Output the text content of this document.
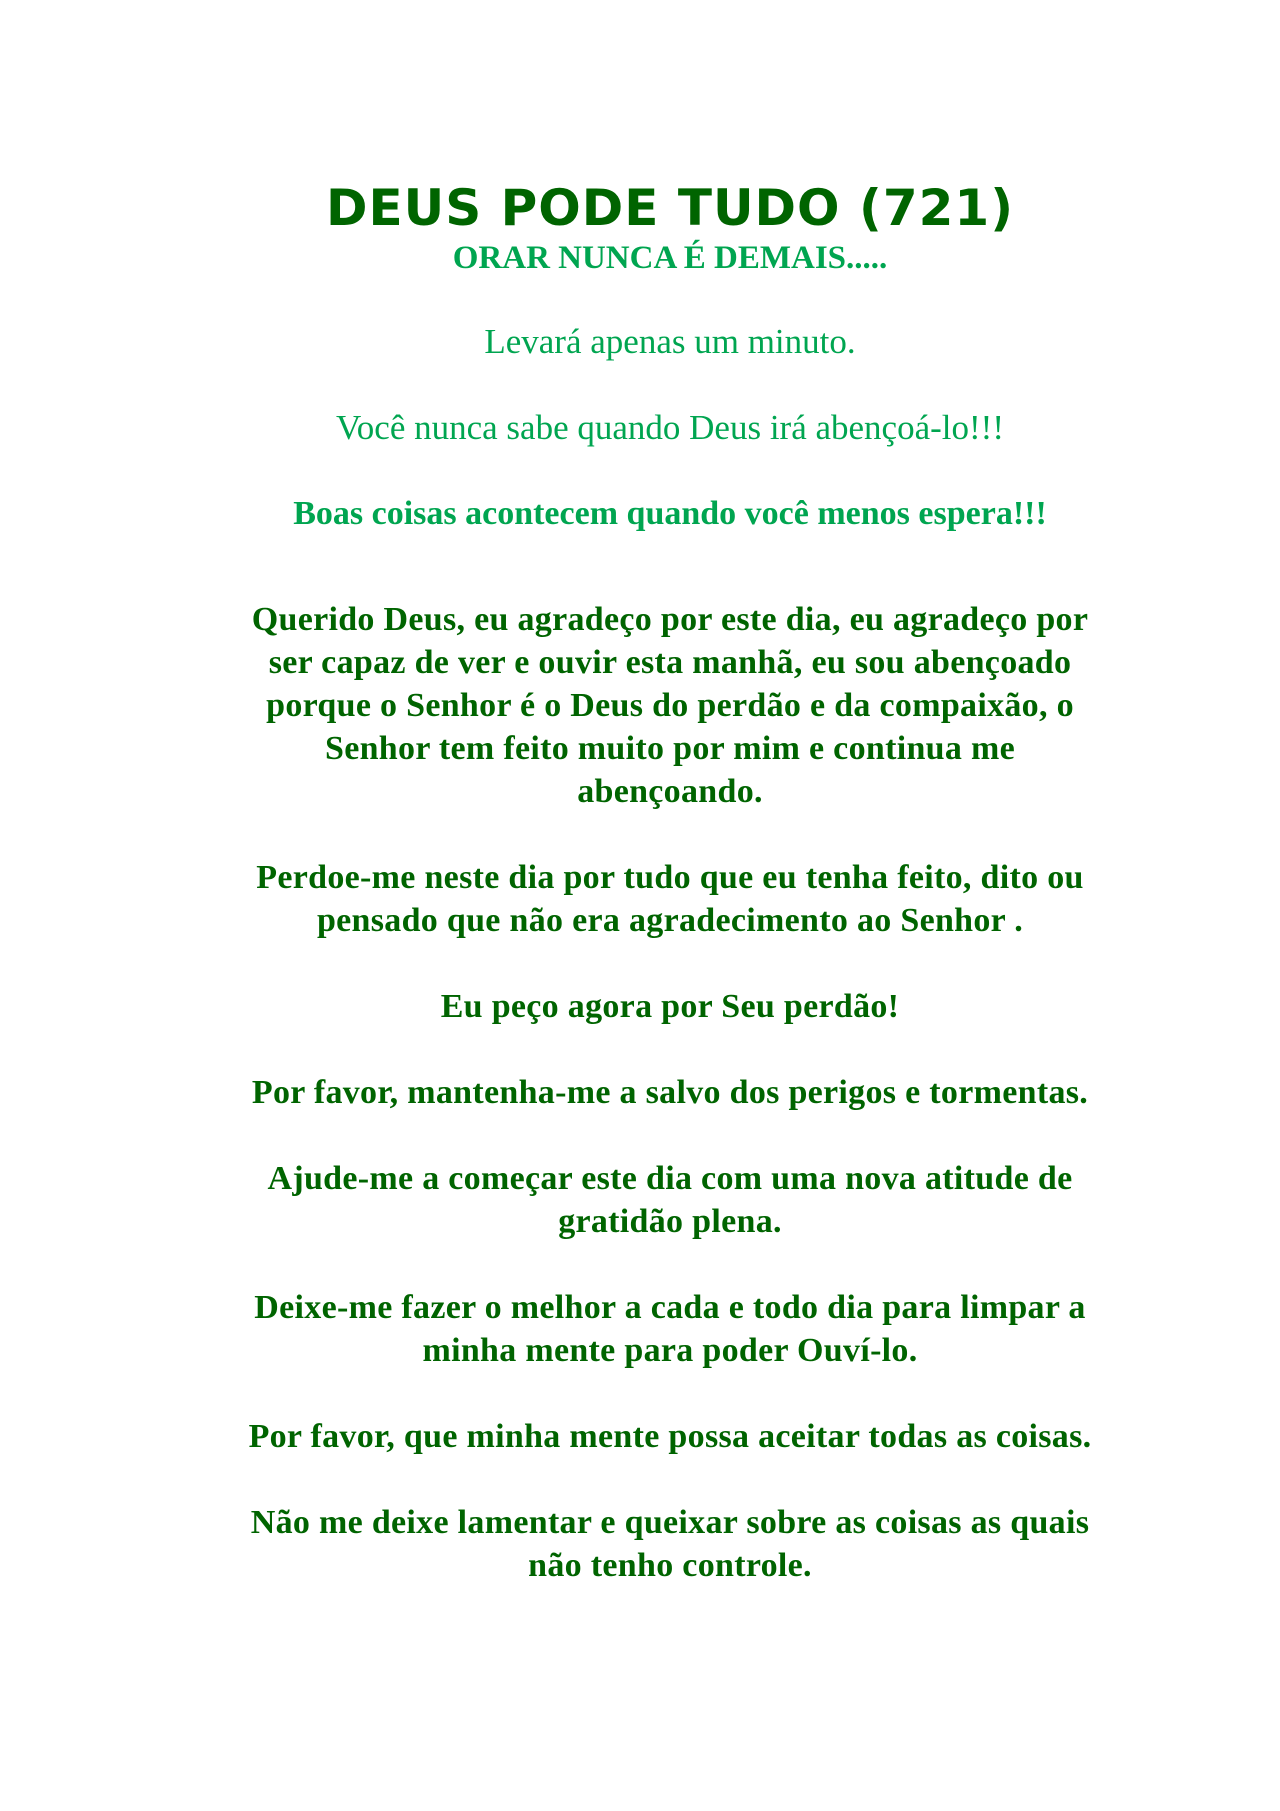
DEUS PODE TUDO (721)

ORAR NUNCA É DEMAIS.....

Levará apenas um minuto.

Você nunca sabe quando Deus irá abençoá-lo!!!

Boas coisas acontecem quando você menos espera!!!

Querido Deus, eu agradeço por este dia, eu agradeço por

ser capaz de ver e ouvir esta manhã, eu sou abençoado

porque o Senhor é o Deus do perdão e da compaixão, o

Senhor tem feito muito por mim e continua me

abençoando.

Perdoe-me neste dia por tudo que eu tenha feito, dito ou

pensado que não era agradecimento ao Senhor .

Eu peço agora por Seu perdão!

Por favor, mantenha-me a salvo dos perigos e tormentas.

Ajude-me a começar este dia com uma nova atitude de

gratidão plena.

Deixe-me fazer o melhor a cada e todo dia para limpar a

minha mente para poder Ouví-lo.

Por favor, que minha mente possa aceitar todas as coisas.

Não me deixe lamentar e queixar sobre as coisas as quais

não tenho controle.
